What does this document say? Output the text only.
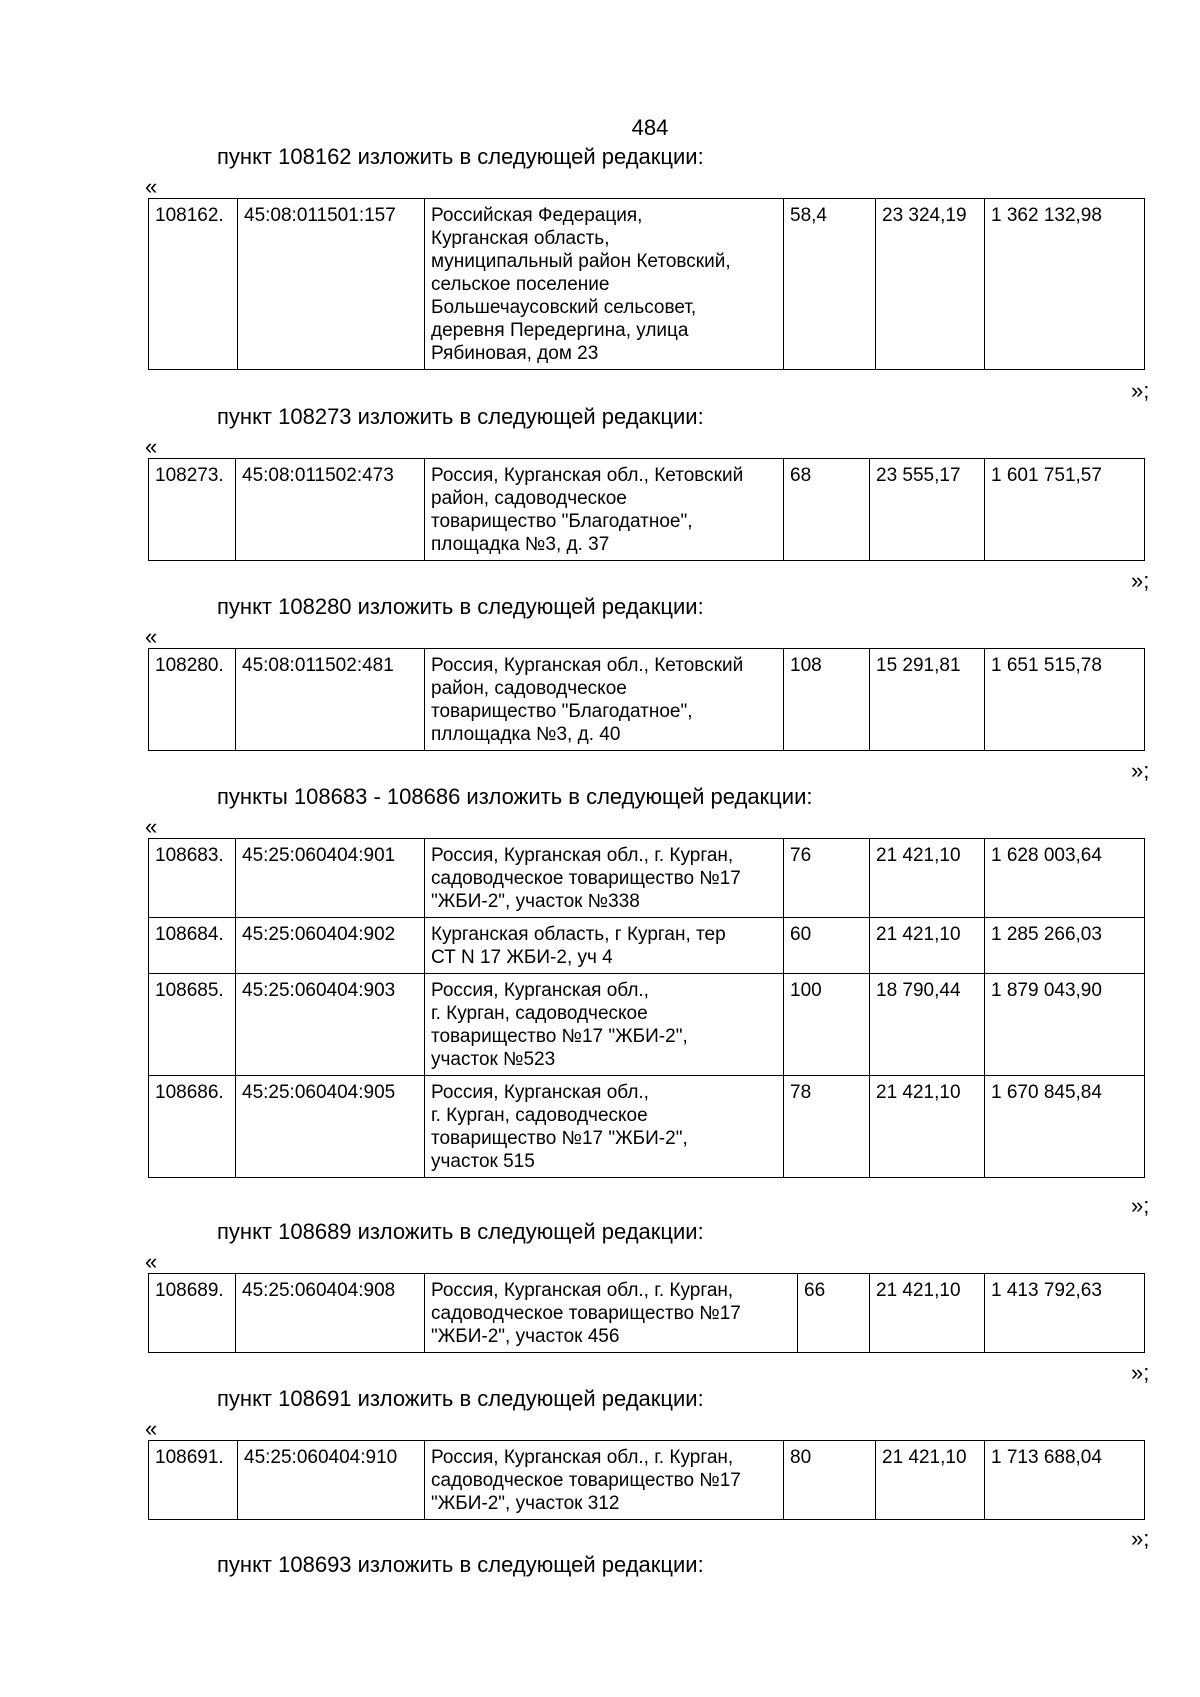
484
пункт 108162 изложить в следующей редакции:
«
108162.	45:08:011501:157	Российская Федерация,
Курганская область,
муниципальный район Кетовский,
сельское поселение
Большечаусовский сельсовет,
деревня Передергина, улица
Рябиновая, дом 23
	58,4	23 324,19	1 362 132,98
»;
пункт 108273 изложить в следующей редакции:
«
108273.	45:08:011502:473	Россия, Курганская обл., Кетовский
район, садоводческое
товарищество "Благодатное",
площадка №3, д. 37
	68	23 555,17	1 601 751,57
»;
пункт 108280 изложить в следующей редакции:
«
108280.	45:08:011502:481	Россия, Курганская обл., Кетовский
район, садоводческое
товарищество "Благодатное",
пллощадка №3, д. 40
	108	15 291,81	1 651 515,78
»;
пункты 108683 - 108686 изложить в следующей редакции:
«
108683.	45:25:060404:901	Россия, Курганская обл., г. Курган,
садоводческое товарищество №17
"ЖБИ-2", участок №338	76	21 421,10	1 628 003,64
108684.	45:25:060404:902	Курганская область, г Курган, тер
СТ N 17 ЖБИ-2, уч 4	60	21 421,10	1 285 266,03
108685.	45:25:060404:903	Россия, Курганская обл.,
г. Курган, садоводческое
товарищество №17 "ЖБИ-2",
участок №523	100	18 790,44	1 879 043,90
108686.	45:25:060404:905	Россия, Курганская обл.,
г. Курган, садоводческое
товарищество №17 "ЖБИ-2",
участок 515	78	21 421,10	1 670 845,84
»;
пункт 108689 изложить в следующей редакции:
«
108689.	45:25:060404:908	Россия, Курганская обл., г. Курган,
садоводческое товарищество №17
"ЖБИ-2", участок 456
	66	21 421,10	1 413 792,63
»;
пункт 108691 изложить в следующей редакции:
«
108691.	45:25:060404:910	Россия, Курганская обл., г. Курган,
садоводческое товарищество №17
"ЖБИ-2", участок 312
	80	21 421,10	1 713 688,04
»;
пункт 108693 изложить в следующей редакции:
